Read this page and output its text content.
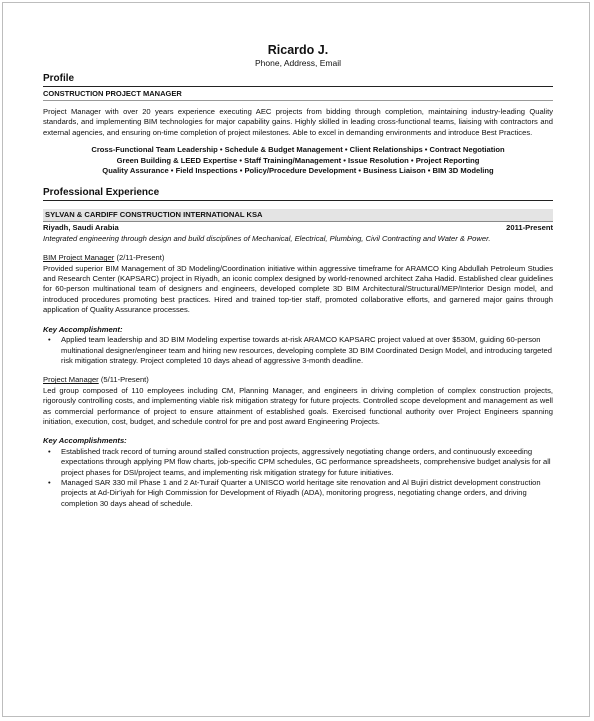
Ricardo J.

Phone, Address, Email

Profile
CONSTRUCTION PROJECT MANAGER

Project Manager with over 20 years experience executing AEC projects from bidding through completion, maintaining industry-leading Quality standards, and implementing BIM technologies for major capability gains. Highly skilled in leading cross-functional teams, liaising with contractors and external agencies, and ensuring on-time completion of project milestones. Able to excel in demanding environments and introduce Best Practices.

Cross-Functional Team Leadership • Schedule & Budget Management • Client Relationships • Contract Negotiation
Green Building & LEED Expertise • Staff Training/Management • Issue Resolution • Project Reporting
Quality Assurance • Field Inspections • Policy/Procedure Development • Business Liaison • BIM 3D Modeling
Professional Experience
SYLVAN & CARDIFF CONSTRUCTION INTERNATIONAL KSA
Riyadh, Saudi Arabia	2011-Present

Integrated engineering through design and build disciplines of Mechanical, Electrical, Plumbing, Civil Contracting and Water & Power.

BIM Project Manager (2/11-Present)

Provided superior BIM Management of 3D Modeling/Coordination initiative within aggressive timeframe for ARAMCO King Abdullah Petroleum Studies and Research Center (KAPSARC) project in Riyadh, an iconic complex designed by world-renowned architect Zaha Hadid. Established clear guidelines for 60-person multinational team of designers and engineers, developed complete 3D BIM Architectural/Structural/MEP/Interior Design model, and introduced procedures promoting best practices. Hired and trained top-tier staff, promoted collaborative efforts, and garnered major gains through application of Quality Assurance processes.

Key Accomplishment:
• Applied team leadership and 3D BIM Modeling expertise towards at-risk ARAMCO KAPSARC project valued at over $530M, guiding 60-person multinational designer/engineer team and hiring new resources, developing complete 3D BIM Coordinated Design Model, and introducing targeted risk mitigation strategy. Project completed 10 days ahead of aggressive 3-month deadline.
Project Manager (5/11-Present)

Led group composed of 110 employees including CM, Planning Manager, and engineers in driving completion of complex construction projects, rigorously controlling costs, and implementing viable risk mitigation strategy for future projects. Controlled scope development and management as well as commercial performance of project to ensure attainment of established goals. Exercised functional authority over Project Engineers spanning initiation, execution, cost, budget, and schedule control for pre and post award Engineering Projects.

Key Accomplishments:
• Established track record of turning around stalled construction projects, aggressively negotiating change orders, and continuously exceeding expectations through applying PM flow charts, job-specific CPM schedules, GC performance spreadsheets, comprehensive budget analysis for all project phases for DSI/project teams, and implementing risk mitigation strategy for future initiatives.
• Managed SAR 330 mil Phase 1 and 2 At-Turaif Quarter a UNISCO world heritage site renovation and Al Bujiri district development construction projects at Ad-Dir'iyah for High Commission for Development of Riyadh (ADA), monitoring progress, negotiating change orders, and driving completion 30 days ahead of schedule.
